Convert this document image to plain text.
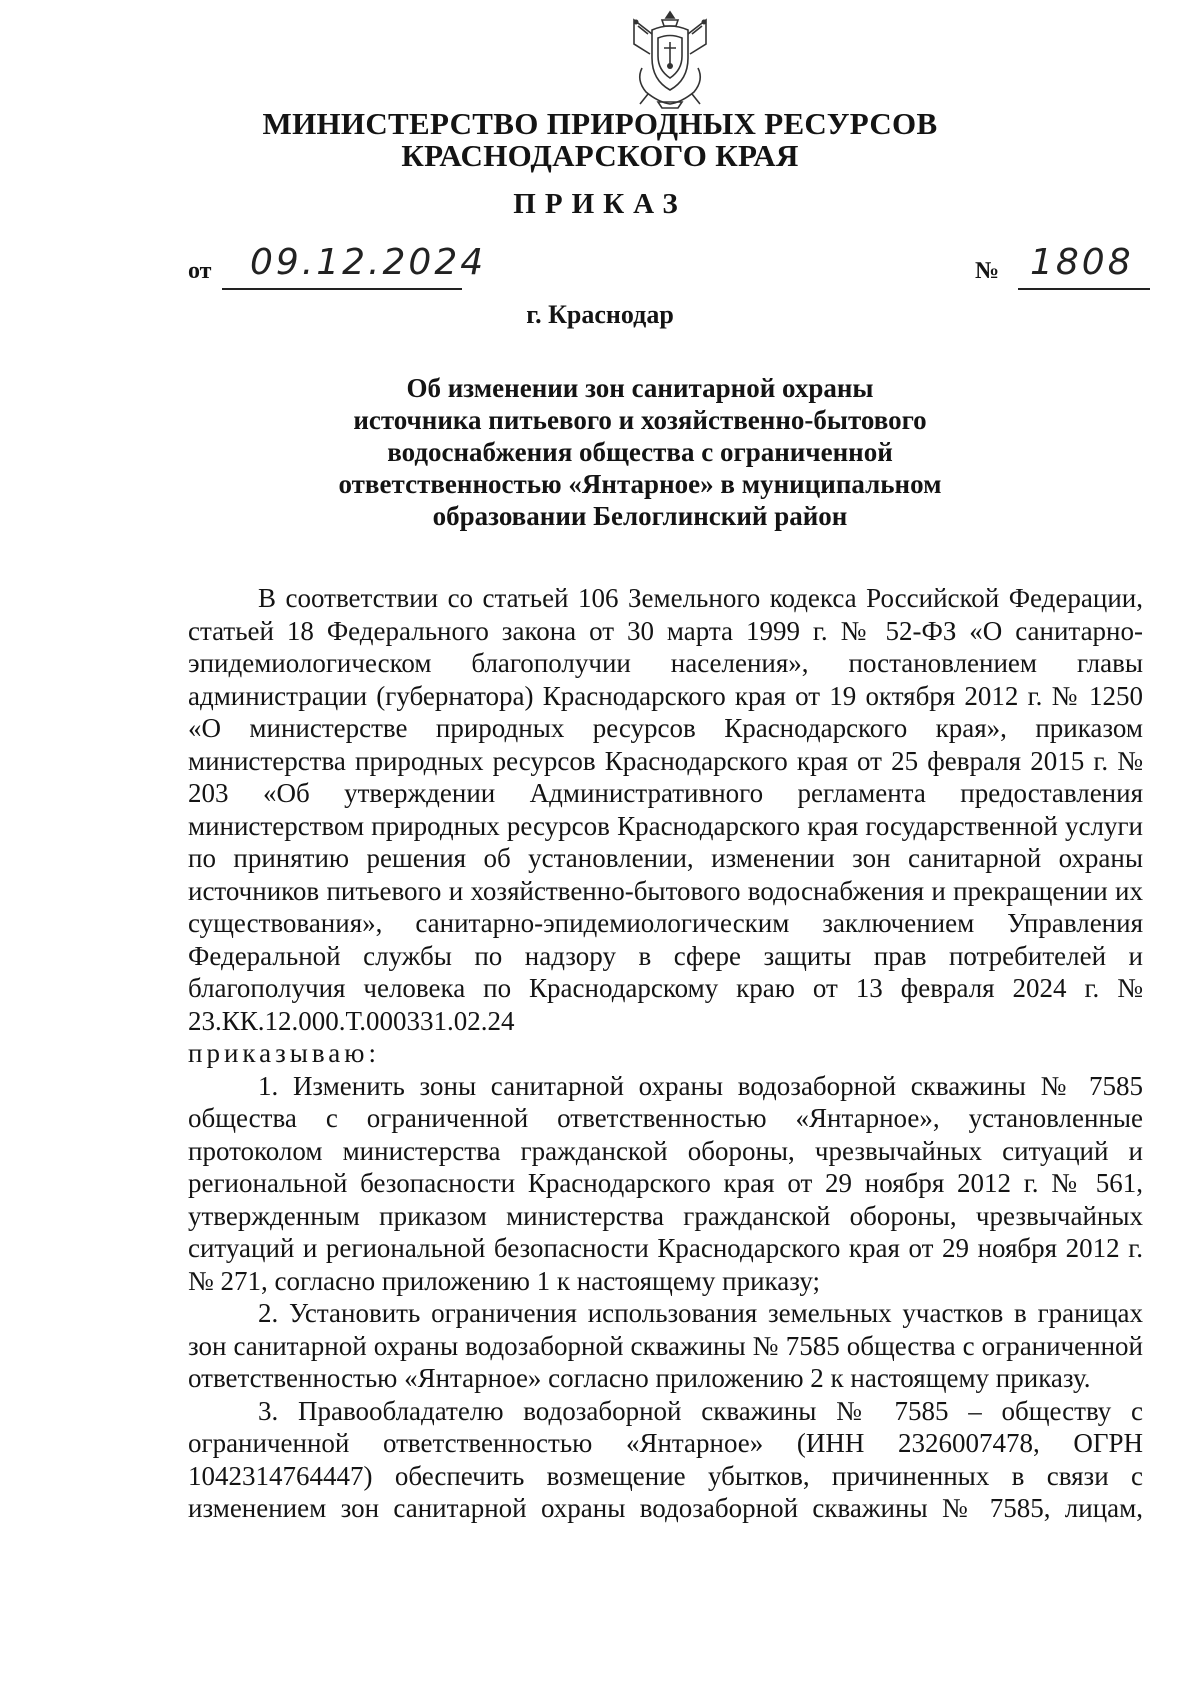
МИНИСТЕРСТВО ПРИРОДНЫХ РЕСУРСОВ
КРАСНОДАРСКОГО КРАЯ
ПРИКАЗ
от 09.12.2024	№ 1808
г. Краснодар
Об изменении зон санитарной охраны
источника питьевого и хозяйственно-бытового
водоснабжения общества с ограниченной
ответственностью «Янтарное» в муниципальном
образовании Белоглинский район

В соответствии со статьей 106 Земельного кодекса Российской Федерации, статьей 18 Федерального закона от 30 марта 1999 г. № 52-ФЗ «О санитарно-эпидемиологическом благополучии населения», постановлением главы администрации (губернатора) Краснодарского края от 19 октября 2012 г. № 1250 «О министерстве природных ресурсов Краснодарского края», приказом министерства природных ресурсов Краснодарского края от 25 февраля 2015 г. № 203 «Об утверждении Административного регламента предоставления министерством природных ресурсов Краснодарского края государственной услуги по принятию решения об установлении, изменении зон санитарной охраны источников питьевого и хозяйственно-бытового водоснабжения и прекращении их существования», санитарно-эпидемиологическим заключением Управления Федеральной службы по надзору в сфере защиты прав потребителей и благополучия человека по Краснодарскому краю от 13 февраля 2024 г. № 23.КК.12.000.Т.000331.02.24

приказываю:

1. Изменить зоны санитарной охраны водозаборной скважины № 7585 общества с ограниченной ответственностью «Янтарное», установленные протоколом министерства гражданской обороны, чрезвычайных ситуаций и региональной безопасности Краснодарского края от 29 ноября 2012 г. № 561, утвержденным приказом министерства гражданской обороны, чрезвычайных ситуаций и региональной безопасности Краснодарского края от 29 ноября 2012 г. № 271, согласно приложению 1 к настоящему приказу;

2. Установить ограничения использования земельных участков в границах зон санитарной охраны водозаборной скважины № 7585 общества с ограниченной ответственностью «Янтарное» согласно приложению 2 к настоящему приказу.

3. Правообладателю водозаборной скважины № 7585 – обществу с ограниченной ответственностью «Янтарное» (ИНН 2326007478, ОГРН 1042314764447) обеспечить возмещение убытков, причиненных в связи с изменением зон санитарной охраны водозаборной скважины № 7585, лицам,
